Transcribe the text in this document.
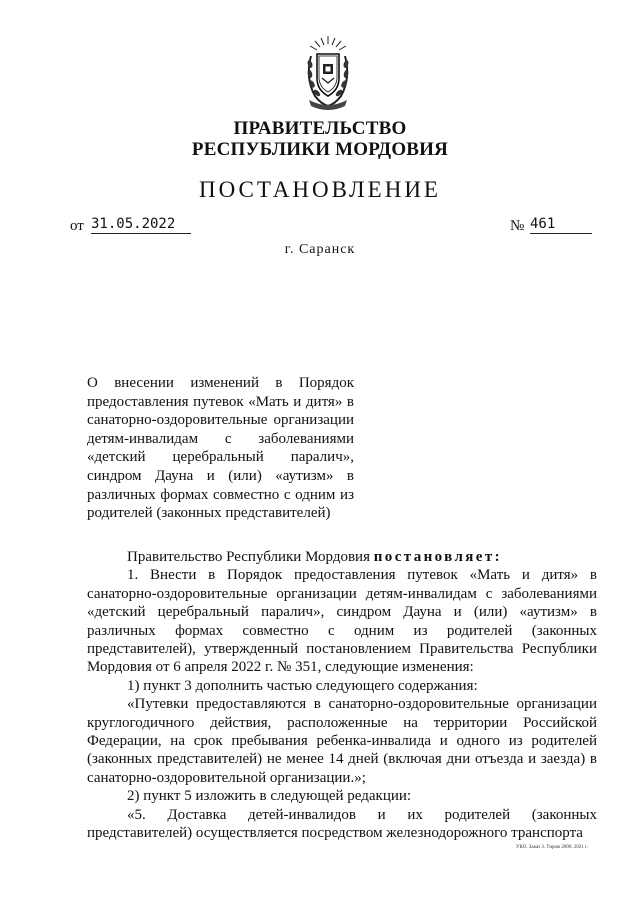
ПРАВИТЕЛЬСТВО
РЕСПУБЛИКИ МОРДОВИЯ
ПОСТАНОВЛЕНИЕ
от 31.05.2022	№ 461
г. Саранск
О внесении изменений в Порядок предоставления путевок «Мать и дитя» в санаторно-оздоровительные организации детям-инвалидам с заболеваниями «детский церебральный паралич», синдром Дауна и (или) «аутизм» в различных формах совместно с одним из родителей (законных представителей)

Правительство Республики Мордовия постановляет:

1. Внести в Порядок предоставления путевок «Мать и дитя» в санаторно-оздоровительные организации детям-инвалидам с заболеваниями «детский церебральный паралич», синдром Дауна и (или) «аутизм» в различных формах совместно с одним из родителей (законных представителей), утвержденный постановлением Правительства Республики Мордовия от 6 апреля 2022 г. № 351, следующие изменения:

1) пункт 3 дополнить частью следующего содержания:

«Путевки предоставляются в санаторно-оздоровительные организации круглогодичного действия, расположенные на территории Российской Федерации, на срок пребывания ребенка-инвалида и одного из родителей (законных представителей) не менее 14 дней (включая дни отъезда и заезда) в санаторно-оздоровительной организации.»;

2) пункт 5 изложить в следующей редакции:

«5. Доставка детей-инвалидов и их родителей (законных представителей) осуществляется посредством железнодорожного транспорта

УКО. Заказ 3. Тираж 2000. 2021 г.
